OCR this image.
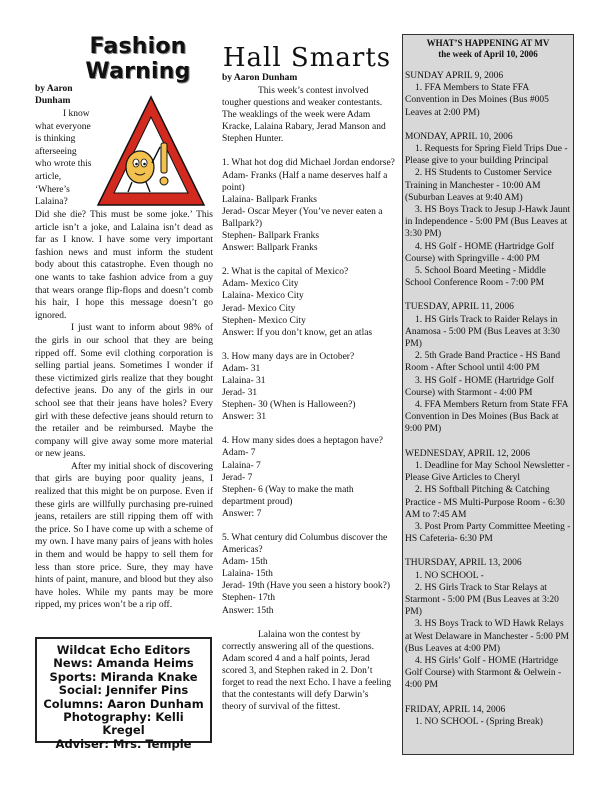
Fashion
Warning
by Aaron Dunham

I know what everyone is thinking afterseeing who wrote this article, ‘Where’s Lalaina?

Did she die? This must be some joke.’ This article isn’t a joke, and Lalaina isn’t dead as far as I know. I have some very important fashion news and must inform the student body about this catastrophe. Even though no one wants to take fashion advice from a guy that wears orange flip-flops and doesn’t comb his hair, I hope this message doesn’t go ignored.

I just want to inform about 98% of the girls in our school that they are being ripped off. Some evil clothing corporation is selling partial jeans. Sometimes I wonder if these victimized girls realize that they bought defective jeans. Do any of the girls in our school see that their jeans have holes? Every girl with these defective jeans should return to the retailer and be reimbursed. Maybe the company will give away some more material or new jeans.

After my initial shock of discovering that girls are buying poor quality jeans, I realized that this might be on purpose. Even if these girls are willfully purchasing pre-ruined jeans, retailers are still ripping them off with the price. So I have come up with a scheme of my own. I have many pairs of jeans with holes in them and would be happy to sell them for less than store price. Sure, they may have hints of paint, manure, and blood but they also have holes. While my pants may be more ripped, my prices won’t be a rip off.

Wildcat Echo Editors
News: Amanda Heims
Sports: Miranda Knake
Social: Jennifer Pins
Columns: Aaron Dunham
Photography: Kelli Kregel
Adviser: Mrs. Temple
Hall Smarts
by Aaron Dunham

This week’s contest involved tougher questions and weaker contestants. The weaklings of the week were Adam Kracke, Lalaina Rabary, Jerad Manson and Stephen Hunter.

1. What hot dog did Michael Jordan endorse?
Adam- Franks (Half a name deserves half a point)
Lalaina- Ballpark Franks
Jerad- Oscar Meyer (You’ve never eaten a Ballpark?)
Stephen- Ballpark Franks
Answer: Ballpark Franks

2. What is the capital of Mexico?
Adam- Mexico City
Lalaina- Mexico City
Jerad- Mexico City
Stephen- Mexico City
Answer: If you don’t know, get an atlas

3. How many days are in October?
Adam- 31
Lalaina- 31
Jerad- 31
Stephen- 30 (When is Halloween?)
Answer: 31

4. How many sides does a heptagon have?
Adam- 7
Lalaina- 7
Jerad- 7
Stephen- 6 (Way to make the math department proud)
Answer: 7

5. What century did Columbus discover the Americas?
Adam- 15th
Lalaina- 15th
Jerad- 19th (Have you seen a history book?)
Stephen- 17th
Answer: 15th

Lalaina won the contest by correctly answering all of the questions. Adam scored 4 and a half points, Jerad scored 3, and Stephen raked in 2. Don’t forget to read the next Echo. I have a feeling that the contestants will defy Darwin’s theory of survival of the fittest.

WHAT’S HAPPENING AT MV
the week of April 10, 2006
SUNDAY APRIL 9, 2006
1. FFA Members to State FFA Convention in Des Moines (Bus #005 Leaves at 2:00 PM)
MONDAY, APRIL 10, 2006
1. Requests for Spring Field Trips Due - Please give to your building Principal
2. HS Students to Customer Service Training in Manchester - 10:00 AM (Suburban Leaves at 9:40 AM)
3. HS Boys Track to Jesup J-Hawk Jaunt in Independence - 5:00 PM (Bus Leaves at 3:30 PM)
4. HS Golf - HOME (Hartridge Golf Course) with Springville - 4:00 PM
5. School Board Meeting - Middle School Conference Room - 7:00 PM
TUESDAY, APRIL 11, 2006
1. HS Girls Track to Raider Relays in Anamosa - 5:00 PM (Bus Leaves at 3:30 PM)
2. 5th Grade Band Practice - HS Band Room - After School until 4:00 PM
3. HS Golf - HOME (Hartridge Golf Course) with Starmont - 4:00 PM
4. FFA Members Return from State FFA Convention in Des Moines (Bus Back at 9:00 PM)
WEDNESDAY, APRIL 12, 2006
1. Deadline for May School Newsletter - Please Give Articles to Cheryl
2. HS Softball Pitching & Catching Practice - MS Multi-Purpose Room - 6:30 AM to 7:45 AM
3. Post Prom Party Committee Meeting - HS Cafeteria- 6:30 PM
THURSDAY, APRIL 13, 2006
1. NO SCHOOL -
2. HS Girls Track to Star Relays at Starmont - 5:00 PM (Bus Leaves at 3:20 PM)
3. HS Boys Track to WD Hawk Relays at West Delaware in Manchester - 5:00 PM (Bus Leaves at 4:00 PM)
4. HS Girls’ Golf - HOME (Hartridge Golf Course) with Starmont & Oelwein - 4:00 PM
FRIDAY, APRIL 14, 2006
1. NO SCHOOL - (Spring Break)
